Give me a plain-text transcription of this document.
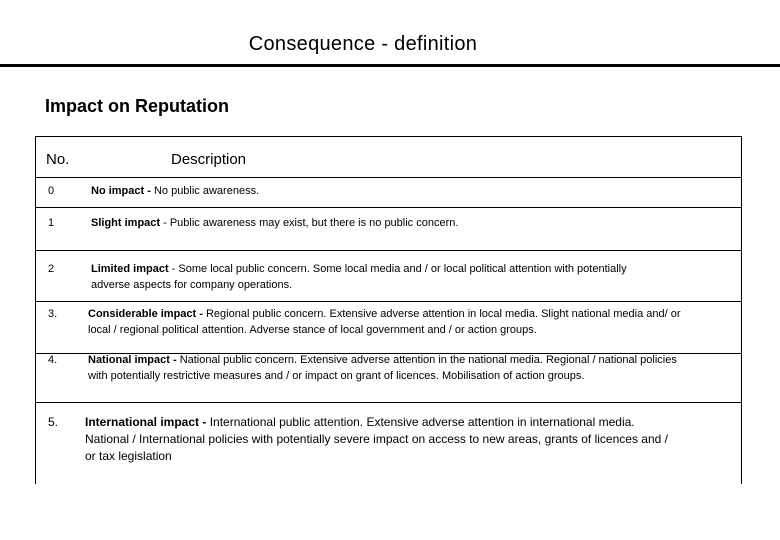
Consequence - definition
Impact on Reputation
No.	Description
0	No impact - No public awareness.
1	Slight impact - Public awareness may exist, but there is no public concern.
2	Limited impact - Some local public concern. Some local media and / or local political attention with potentially adverse aspects for company operations.
3.	Considerable impact - Regional public concern. Extensive adverse attention in local media. Slight national media and/ or local / regional political attention. Adverse stance of local government and / or action groups.
4.	National impact - National public concern. Extensive adverse attention in the national media. Regional / national policies with potentially restrictive measures and / or impact on grant of licences. Mobilisation of action groups.
5. International impact - International public attention. Extensive adverse attention in international media. National / International policies with potentially severe impact on access to new areas, grants of licences and / or tax legislation
